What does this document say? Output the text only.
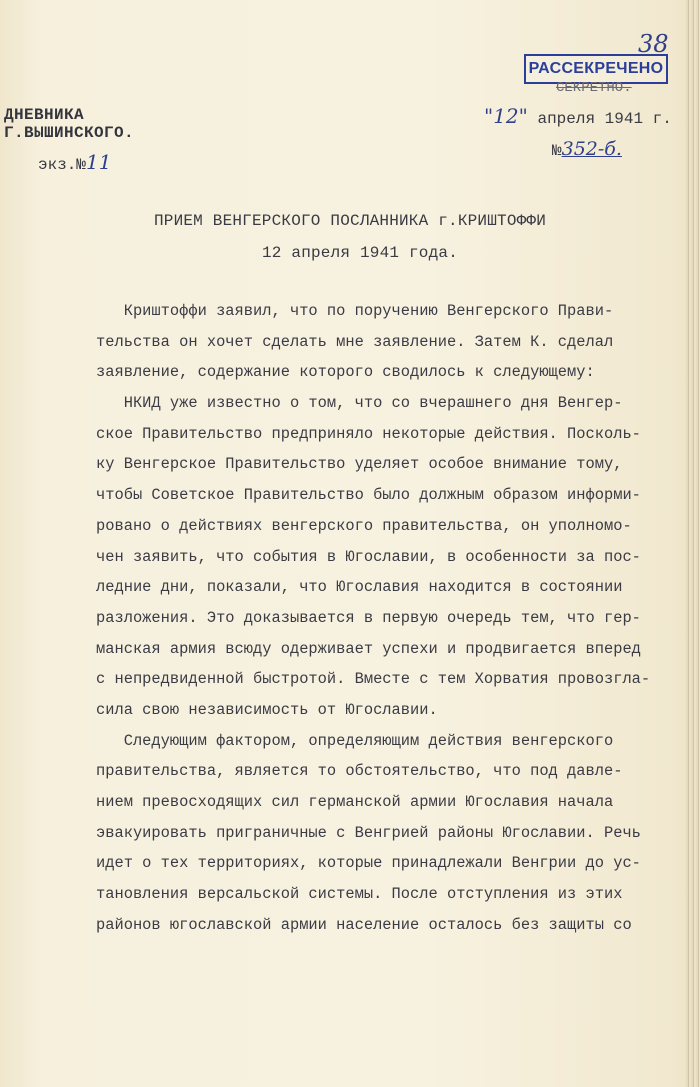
38
РАССЕКРЕЧЕНО
СЕКРЕТНО.
ДНЕВНИКА
Г.ВЫШИНСКОГО.
экз.№11
"12" апреля 1941 г.
№352-б.
ПРИЕМ ВЕНГЕРСКОГО ПОСЛАННИКА г.КРИШТОФФИ
12 апреля 1941 года.
Криштоффи заявил, что по поручению Венгерского Прави-
тельства он хочет сделать мне заявление. Затем К. сделал
заявление, содержание которого сводилось к следующему:
НКИД уже известно о том, что со вчерашнего дня Венгер-
ское Правительство предприняло некоторые действия. Посколь-
ку Венгерское Правительство уделяет особое внимание тому,
чтобы Советское Правительство было должным образом информи-
ровано о действиях венгерского правительства, он уполномо-
чен заявить, что события в Югославии, в особенности за пос-
ледние дни, показали, что Югославия находится в состоянии
разложения. Это доказывается в первую очередь тем, что гер-
манская армия всюду одерживает успехи и продвигается вперед
с непредвиденной быстротой. Вместе с тем Хорватия провозгла-
сила свою независимость от Югославии.
Следующим фактором, определяющим действия венгерского
правительства, является то обстоятельство, что под давле-
нием превосходящих сил германской армии Югославия начала
эвакуировать приграничные с Венгрией районы Югославии. Речь
идет о тех территориях, которые принадлежали Венгрии до ус-
тановления версальской системы. После отступления из этих
районов югославской армии население осталось без защиты со
